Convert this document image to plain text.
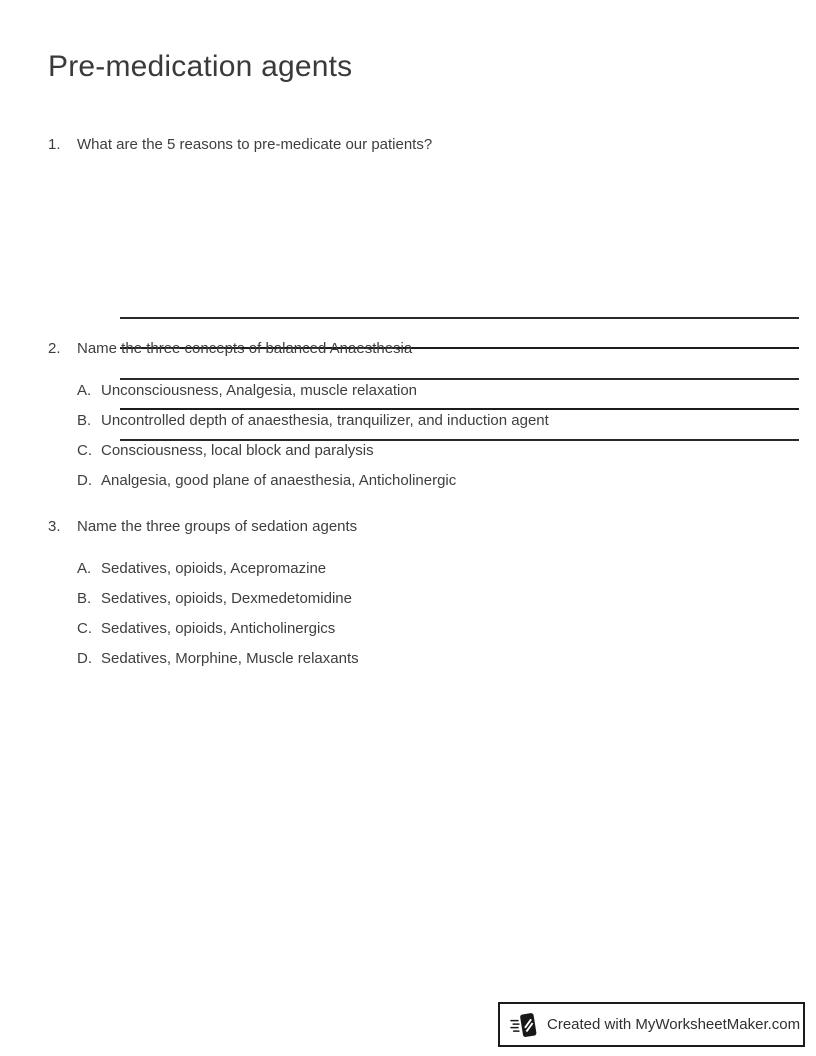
Pre-medication agents
1.	What are the 5 reasons to pre-medicate our patients?
2.	Name the three concepts of balanced Anaesthesia
A. Unconsciousness, Analgesia, muscle relaxation
B. Uncontrolled depth of anaesthesia, tranquilizer, and induction agent
C. Consciousness, local block and paralysis
D. Analgesia, good plane of anaesthesia, Anticholinergic
3.	Name the three groups of sedation agents
A. Sedatives, opioids, Acepromazine
B. Sedatives, opioids, Dexmedetomidine
C. Sedatives, opioids, Anticholinergics
D. Sedatives, Morphine, Muscle relaxants
Created with MyWorksheetMaker.com
